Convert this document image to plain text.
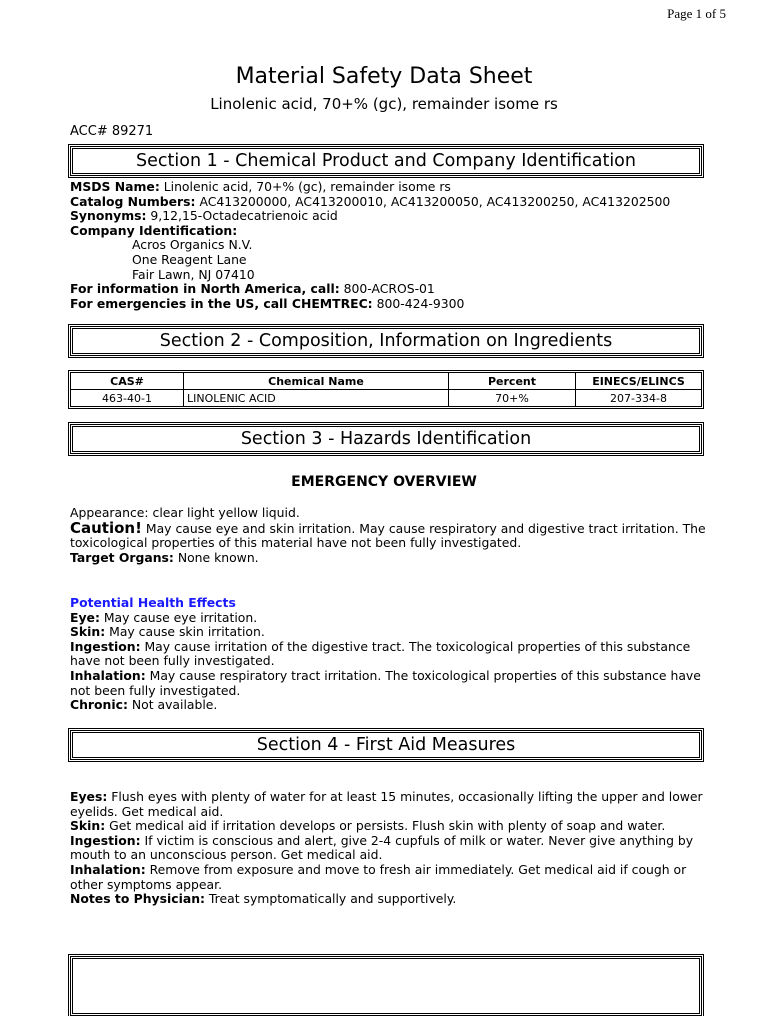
Page 1 of 5
Material Safety Data Sheet
Linolenic acid, 70+% (gc), remainder isome rs
ACC# 89271
Section 1 - Chemical Product and Company Identification
MSDS Name: Linolenic acid, 70+% (gc), remainder isome rs
Catalog Numbers: AC413200000, AC413200010, AC413200050, AC413200250, AC413202500
Synonyms: 9,12,15-Octadecatrienoic acid
Company Identification:
Acros Organics N.V.
One Reagent Lane
Fair Lawn, NJ 07410
For information in North America, call: 800-ACROS-01
For emergencies in the US, call CHEMTREC: 800-424-9300
Section 2 - Composition, Information on Ingredients
CAS#	Chemical Name	Percent	EINECS/ELINCS
463-40-1	LINOLENIC ACID	70+%	207-334-8
Section 3 - Hazards Identification
EMERGENCY OVERVIEW
Appearance: clear light yellow liquid.
Caution! May cause eye and skin irritation. May cause respiratory and digestive tract irritation. The toxicological properties of this material have not been fully investigated.
Target Organs: None known.
Potential Health Effects
Eye: May cause eye irritation.
Skin: May cause skin irritation.
Ingestion: May cause irritation of the digestive tract. The toxicological properties of this substance have not been fully investigated.
Inhalation: May cause respiratory tract irritation. The toxicological properties of this substance have not been fully investigated.
Chronic: Not available.
Section 4 - First Aid Measures
Eyes: Flush eyes with plenty of water for at least 15 minutes, occasionally lifting the upper and lower eyelids. Get medical aid.
Skin: Get medical aid if irritation develops or persists. Flush skin with plenty of soap and water.
Ingestion: If victim is conscious and alert, give 2-4 cupfuls of milk or water. Never give anything by mouth to an unconscious person. Get medical aid.
Inhalation: Remove from exposure and move to fresh air immediately. Get medical aid if cough or other symptoms appear.
Notes to Physician: Treat symptomatically and supportively.
